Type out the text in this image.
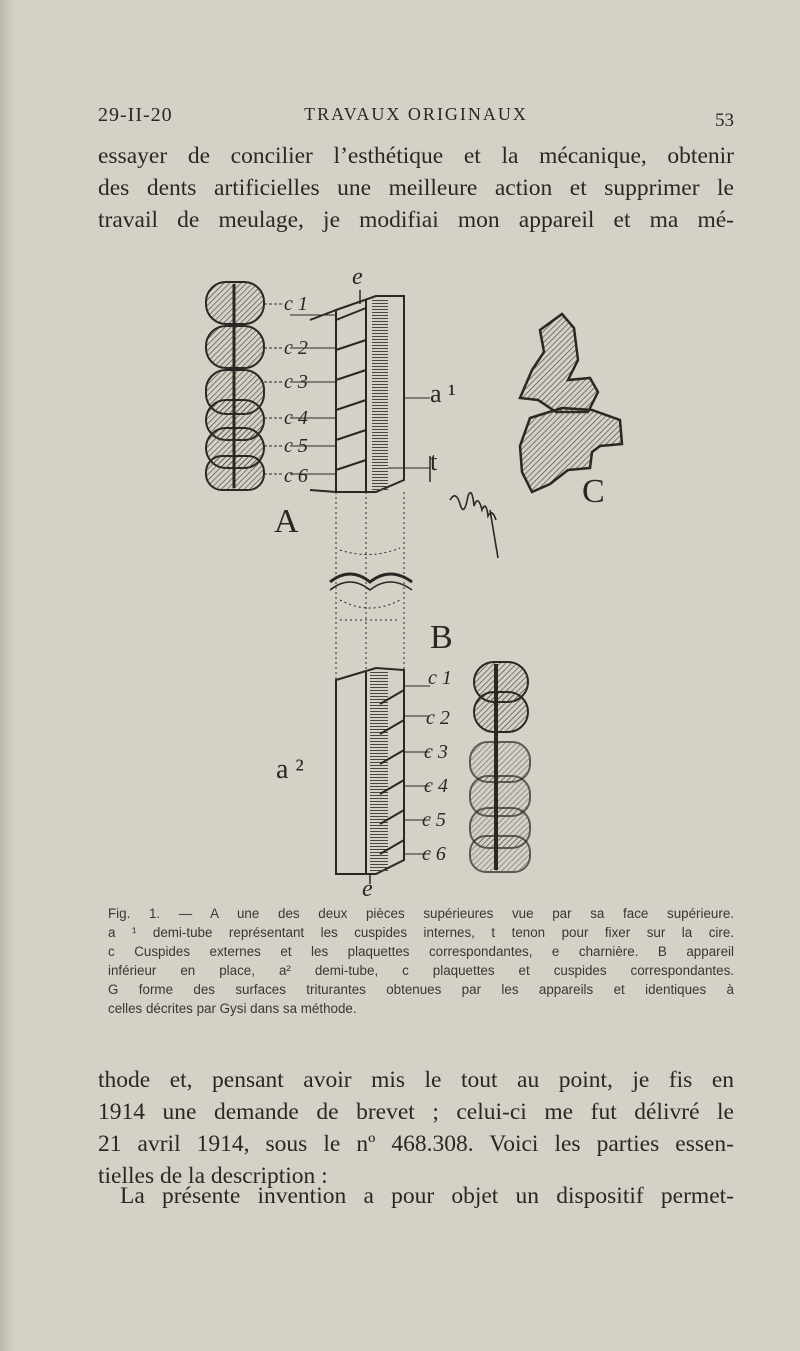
29-II-20	TRAVAUX ORIGINAUX	53
essayer de concilier l’esthétique et la mécanique, obtenir
des dents artificielles une meilleure action et supprimer le
travail de meulage, je modifiai mon appareil et ma mé-
c 1
c 2
c 3
c 4
c 5
c 6
e
a ¹
t
A
C
B
a ²
e
c 1
c 2
c 3
c 4
c 5
c 6
Fig. 1. — A une des deux pièces supérieures vue par sa face supérieure.
a ¹ demi-tube représentant les cuspides internes, t tenon pour fixer sur la cire.
c Cuspides externes et les plaquettes correspondantes, e charnière. B appareil
inférieur en place, a² demi-tube, c plaquettes et cuspides correspondantes.
G forme des surfaces triturantes obtenues par les appareils et identiques à
celles décrites par Gysi dans sa méthode.
thode et, pensant avoir mis le tout au point, je fis en
1914 une demande de brevet ; celui-ci me fut délivré le
21 avril 1914, sous le nº 468.308. Voici les parties essen-
tielles de la description :
La présente invention a pour objet un dispositif permet-
